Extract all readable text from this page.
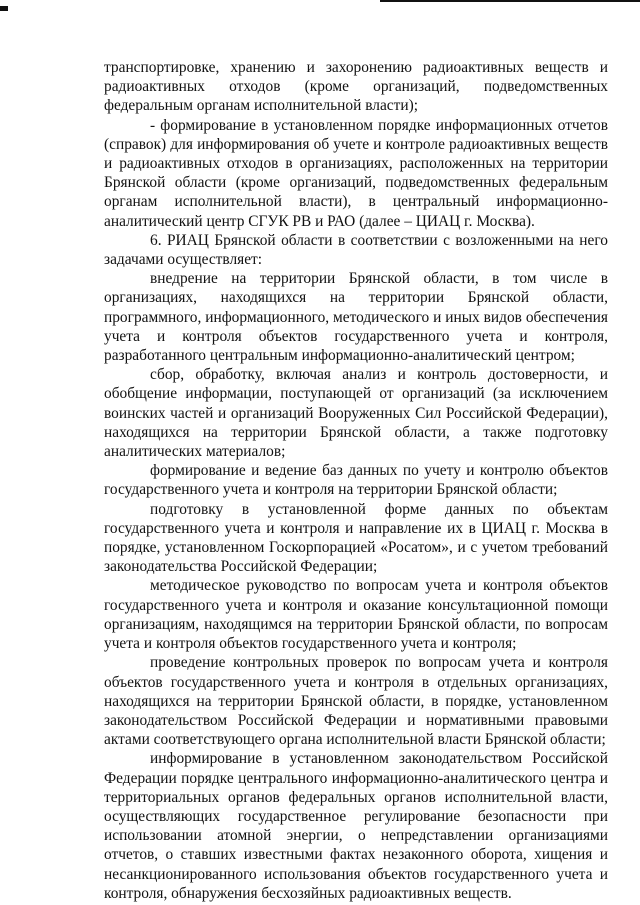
транспортировке, хранению и захоронению радиоактивных веществ и радиоактивных отходов (кроме организаций, подведомственных федеральным органам исполнительной власти);

- формирование в установленном порядке информационных отчетов (справок) для информирования об учете и контроле радиоактивных веществ и радиоактивных отходов в организациях, расположенных на территории Брянской области (кроме организаций, подведомственных федеральным органам исполнительной власти), в центральный информационно-аналитический центр СГУК РВ и РАО (далее – ЦИАЦ г. Москва).

6. РИАЦ Брянской области в соответствии с возложенными на него задачами осуществляет:

внедрение на территории Брянской области, в том числе в организациях, находящихся на территории Брянской области, программного, информационного, методического и иных видов обеспечения учета и контроля объектов государственного учета и контроля, разработанного центральным информационно-аналитический центром;

сбор, обработку, включая анализ и контроль достоверности, и обобщение информации, поступающей от организаций (за исключением воинских частей и организаций Вооруженных Сил Российской Федерации), находящихся на территории Брянской области, а также подготовку аналитических материалов;

формирование и ведение баз данных по учету и контролю объектов государственного учета и контроля на территории Брянской области;

подготовку в установленной форме данных по объектам государственного учета и контроля и направление их в ЦИАЦ г. Москва в порядке, установленном Госкорпорацией «Росатом», и с учетом требований законодательства Российской Федерации;

методическое руководство по вопросам учета и контроля объектов государственного учета и контроля и оказание консультационной помощи организациям, находящимся на территории Брянской области, по вопросам учета и контроля объектов государственного учета и контроля;

проведение контрольных проверок по вопросам учета и контроля объектов государственного учета и контроля в отдельных организациях, находящихся на территории Брянской области, в порядке, установленном законодательством Российской Федерации и нормативными правовыми актами соответствующего органа исполнительной власти Брянской области;

информирование в установленном законодательством Российской Федерации порядке центрального информационно-аналитического центра и территориальных органов федеральных органов исполнительной власти, осуществляющих государственное регулирование безопасности при использовании атомной энергии, о непредставлении организациями отчетов, о ставших известными фактах незаконного оборота, хищения и несанкционированного использования объектов государственного учета и контроля, обнаружения бесхозяйных радиоактивных веществ.
